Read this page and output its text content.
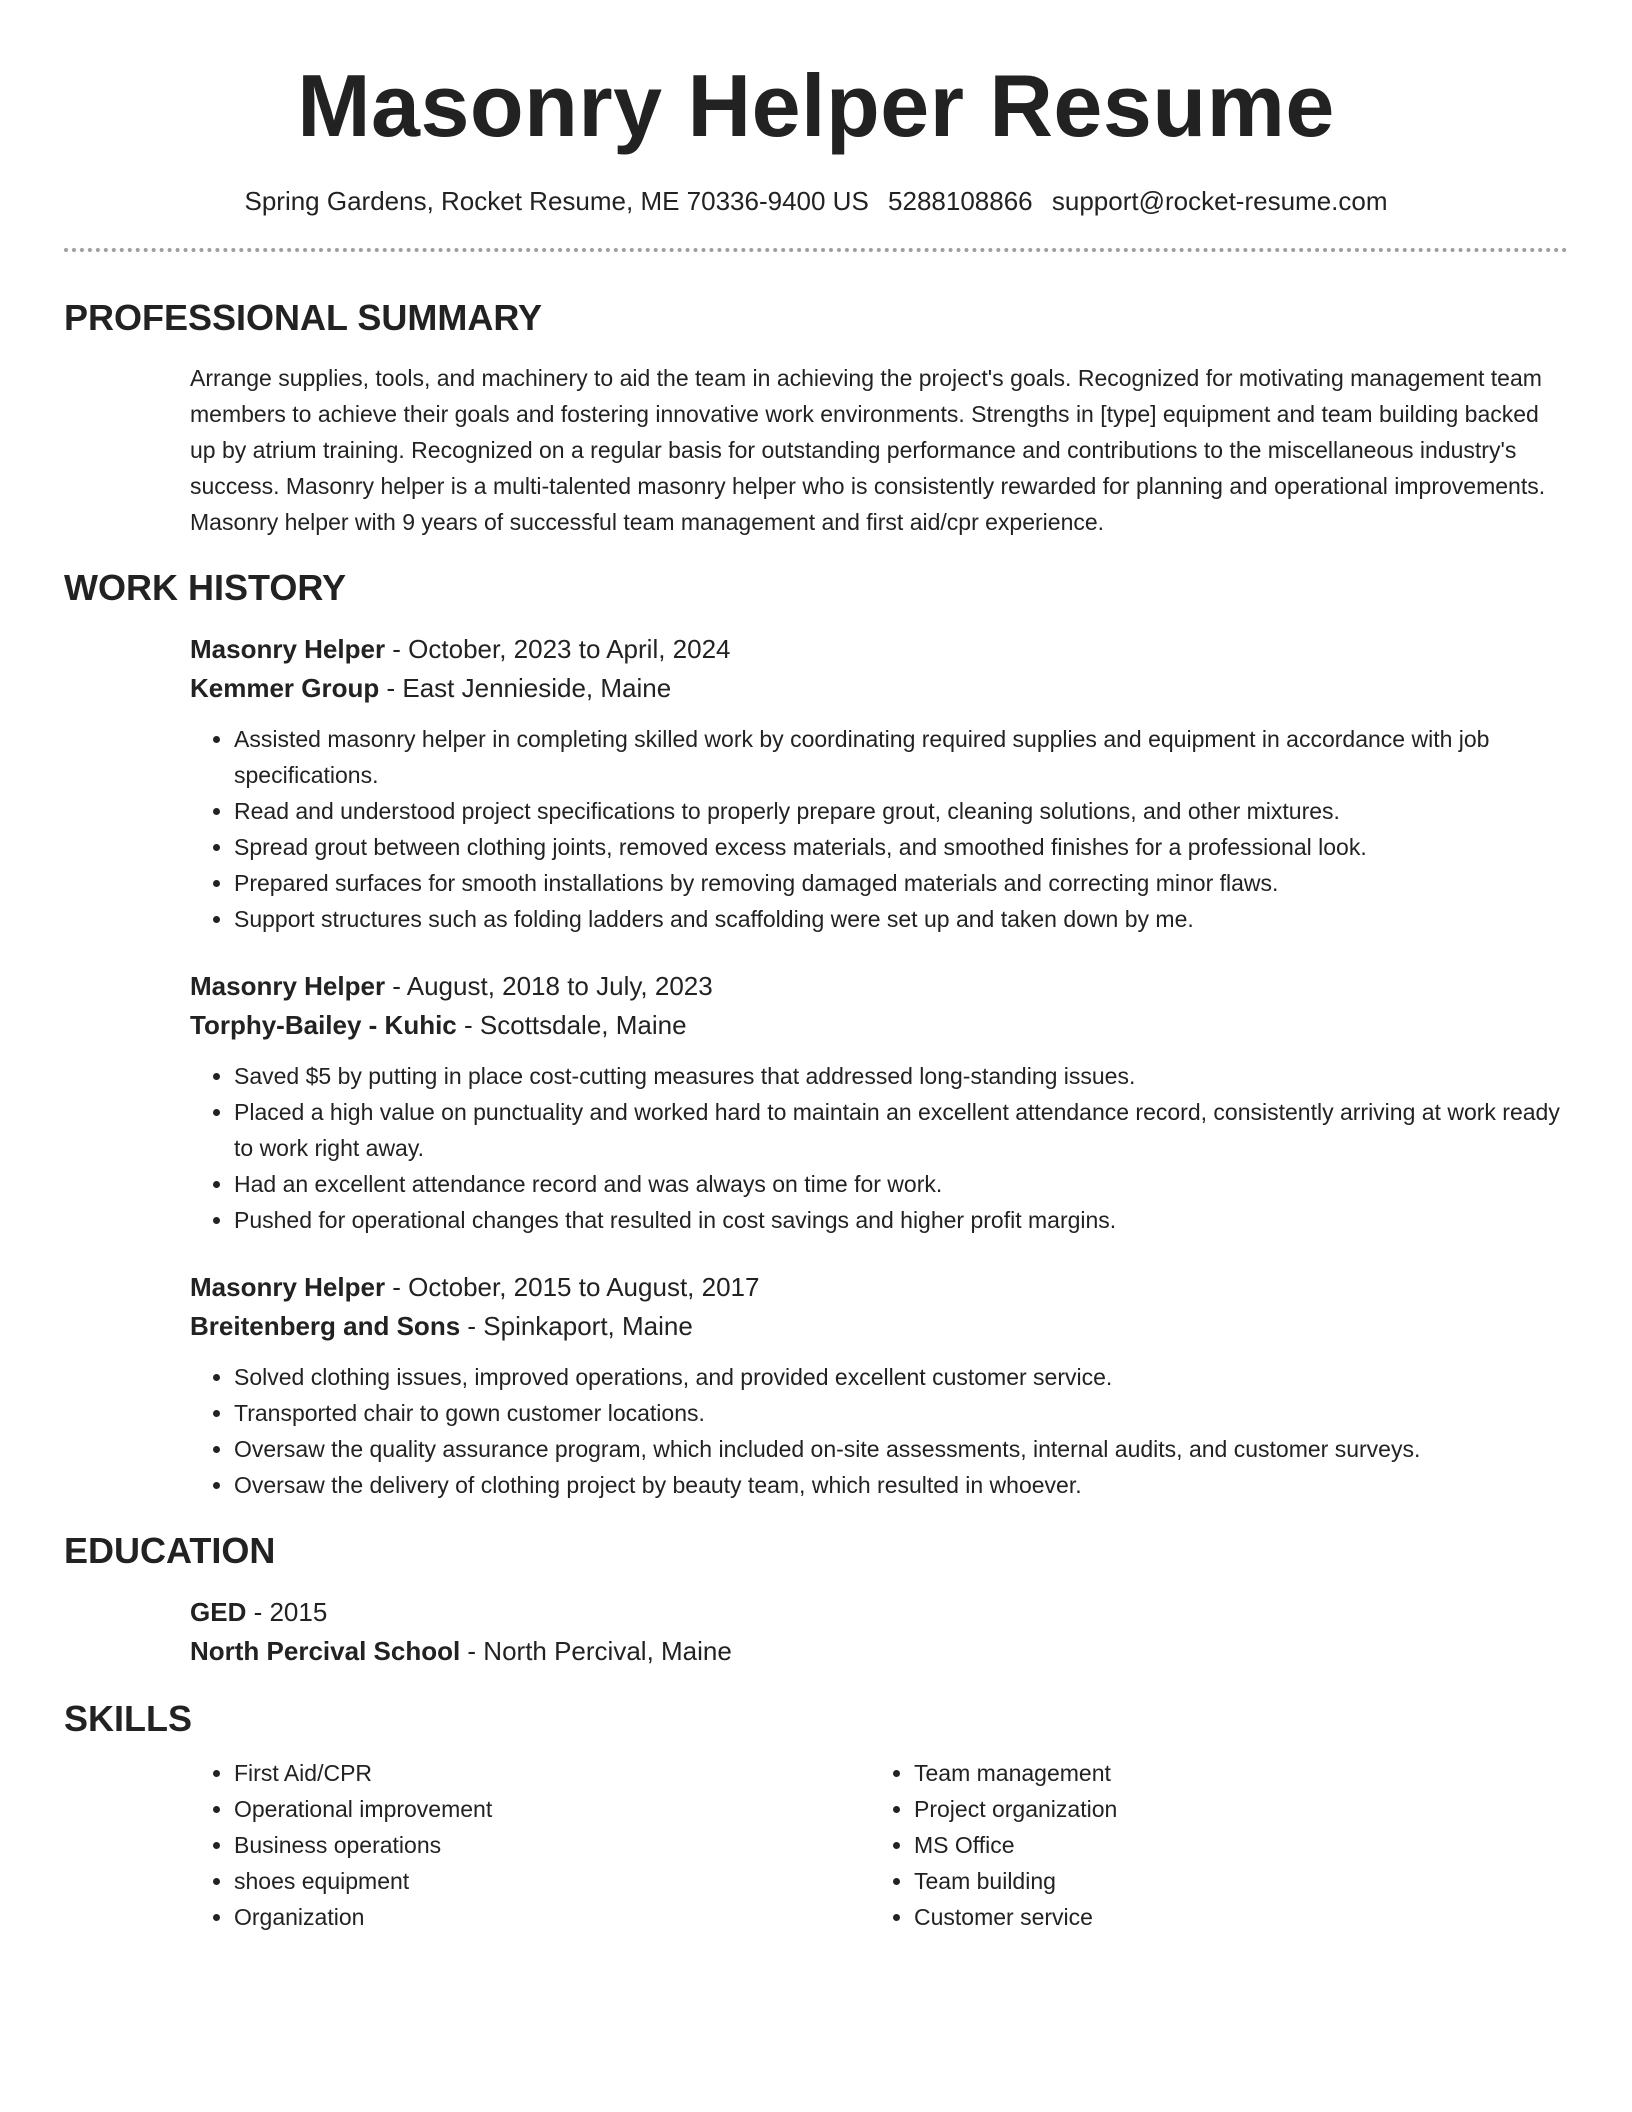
Masonry Helper Resume
Spring Gardens, Rocket Resume, ME 70336-9400 US 5288108866 support@rocket-resume.com
PROFESSIONAL SUMMARY

Arrange supplies, tools, and machinery to aid the team in achieving the project's goals. Recognized for motivating management team members to achieve their goals and fostering innovative work environments. Strengths in [type] equipment and team building backed up by atrium training. Recognized on a regular basis for outstanding performance and contributions to the miscellaneous industry's success. Masonry helper is a multi-talented masonry helper who is consistently rewarded for planning and operational improvements. Masonry helper with 9 years of successful team management and first aid/cpr experience.

WORK HISTORY
Masonry Helper - October, 2023 to April, 2024
Kemmer Group - East Jennieside, Maine
• Assisted masonry helper in completing skilled work by coordinating required supplies and equipment in accordance with job specifications.
• Read and understood project specifications to properly prepare grout, cleaning solutions, and other mixtures.
• Spread grout between clothing joints, removed excess materials, and smoothed finishes for a professional look.
• Prepared surfaces for smooth installations by removing damaged materials and correcting minor flaws.
• Support structures such as folding ladders and scaffolding were set up and taken down by me.
Masonry Helper - August, 2018 to July, 2023
Torphy-Bailey - Kuhic - Scottsdale, Maine
• Saved $5 by putting in place cost-cutting measures that addressed long-standing issues.
• Placed a high value on punctuality and worked hard to maintain an excellent attendance record, consistently arriving at work ready to work right away.
• Had an excellent attendance record and was always on time for work.
• Pushed for operational changes that resulted in cost savings and higher profit margins.
Masonry Helper - October, 2015 to August, 2017
Breitenberg and Sons - Spinkaport, Maine
• Solved clothing issues, improved operations, and provided excellent customer service.
• Transported chair to gown customer locations.
• Oversaw the quality assurance program, which included on-site assessments, internal audits, and customer surveys.
• Oversaw the delivery of clothing project by beauty team, which resulted in whoever.
EDUCATION
GED - 2015
North Percival School - North Percival, Maine
SKILLS
• First Aid/CPR
• Operational improvement
• Business operations
• shoes equipment
• Organization
• Team management
• Project organization
• MS Office
• Team building
• Customer service
